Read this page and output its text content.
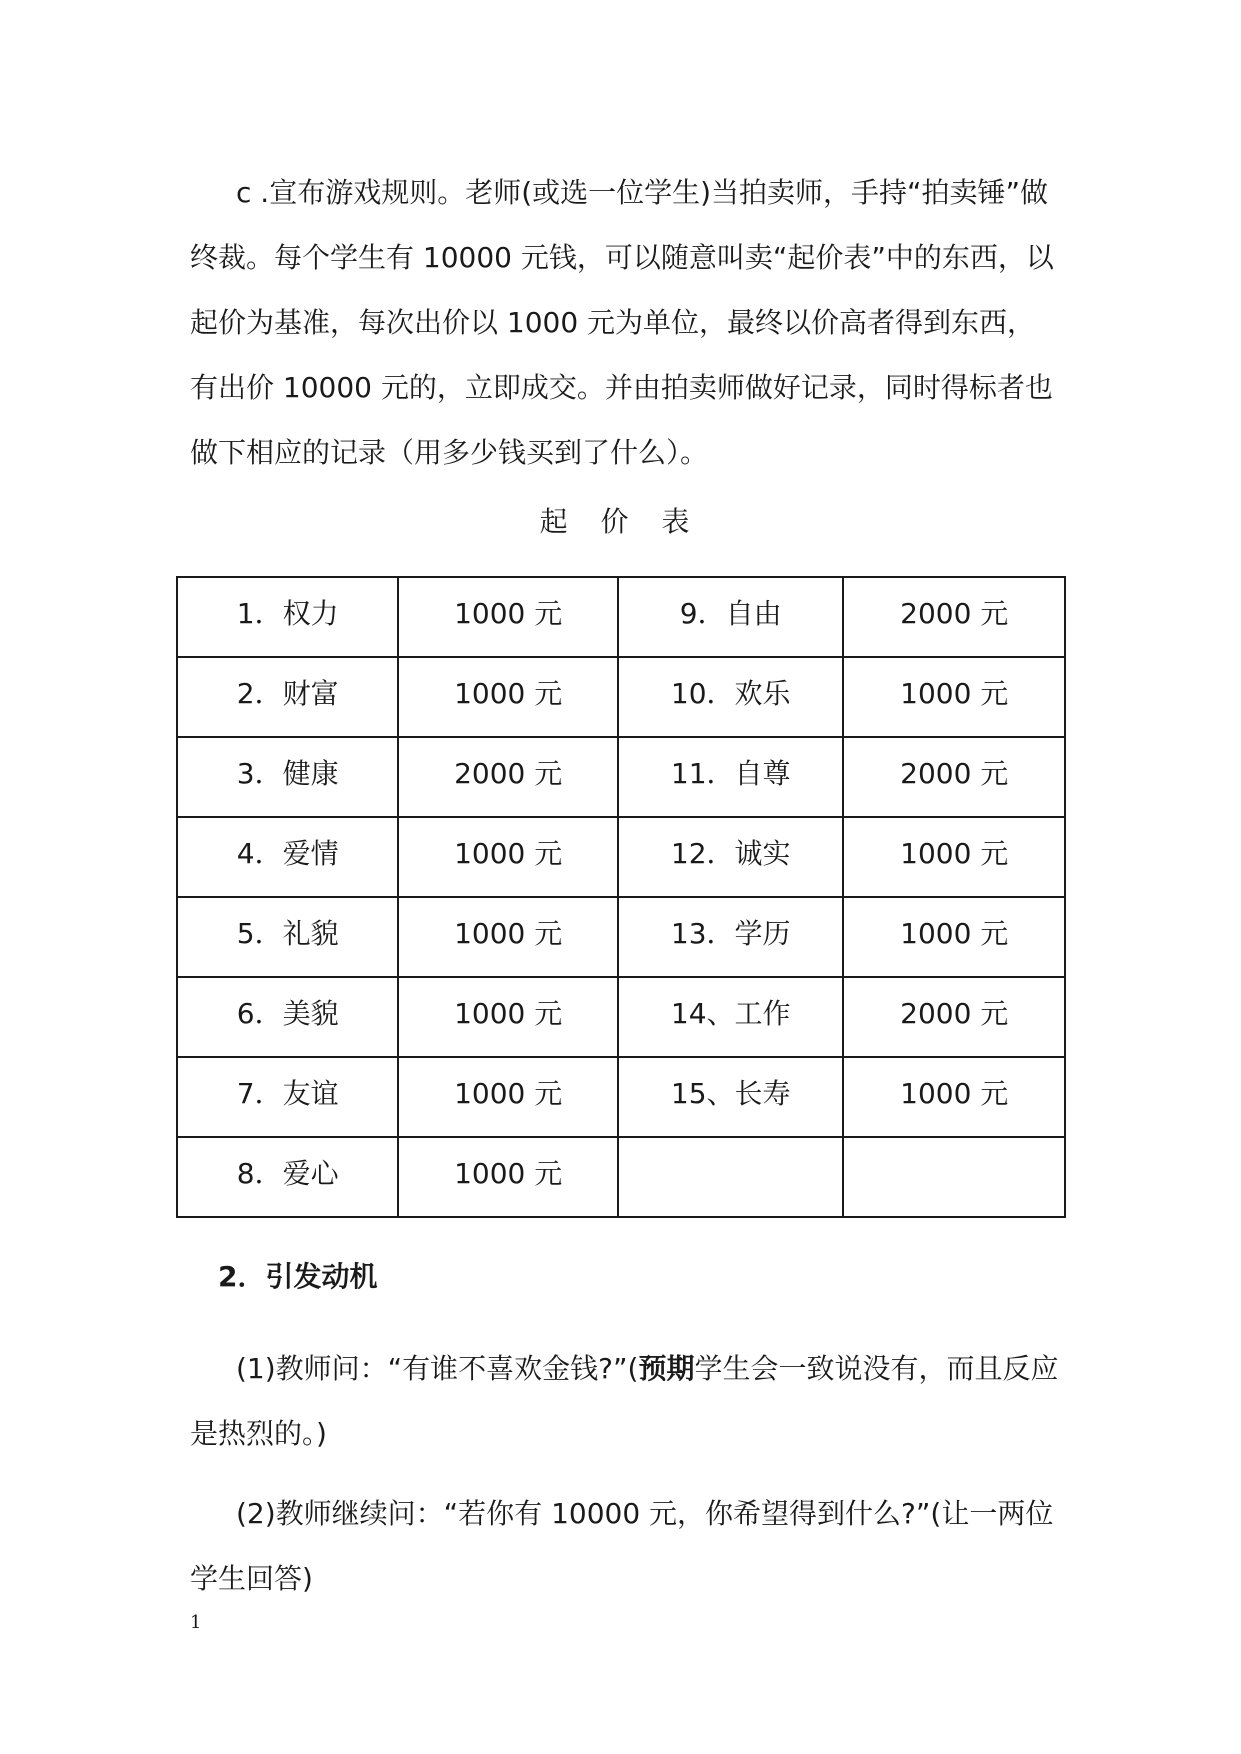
c .宣布游戏规则。老师(或选一位学生)当拍卖师，手持“拍卖锤”做终裁。每个学生有 10000 元钱，可以随意叫卖“起价表”中的东西，以起价为基准，每次出价以 1000 元为单位，最终以价高者得到东西，有出价 10000 元的，立即成交。并由拍卖师做好记录，同时得标者也做下相应的记录（用多少钱买到了什么）。

起 价 表
1．权力	1000 元	9．自由	2000 元
2．财富	1000 元	10．欢乐	1000 元
3．健康	2000 元	11．自尊	2000 元
4．爱情	1000 元	12．诚实	1000 元
5．礼貌	1000 元	13．学历	1000 元
6．美貌	1000 元	14、工作	2000 元
7．友谊	1000 元	15、长寿	1000 元
8．爱心	1000 元		
2．引发动机

(1)教师问：“有谁不喜欢金钱?”(预期学生会一致说没有，而且反应是热烈的。)

(2)教师继续问：“若你有 10000 元，你希望得到什么?”(让一两位学生回答)

1
